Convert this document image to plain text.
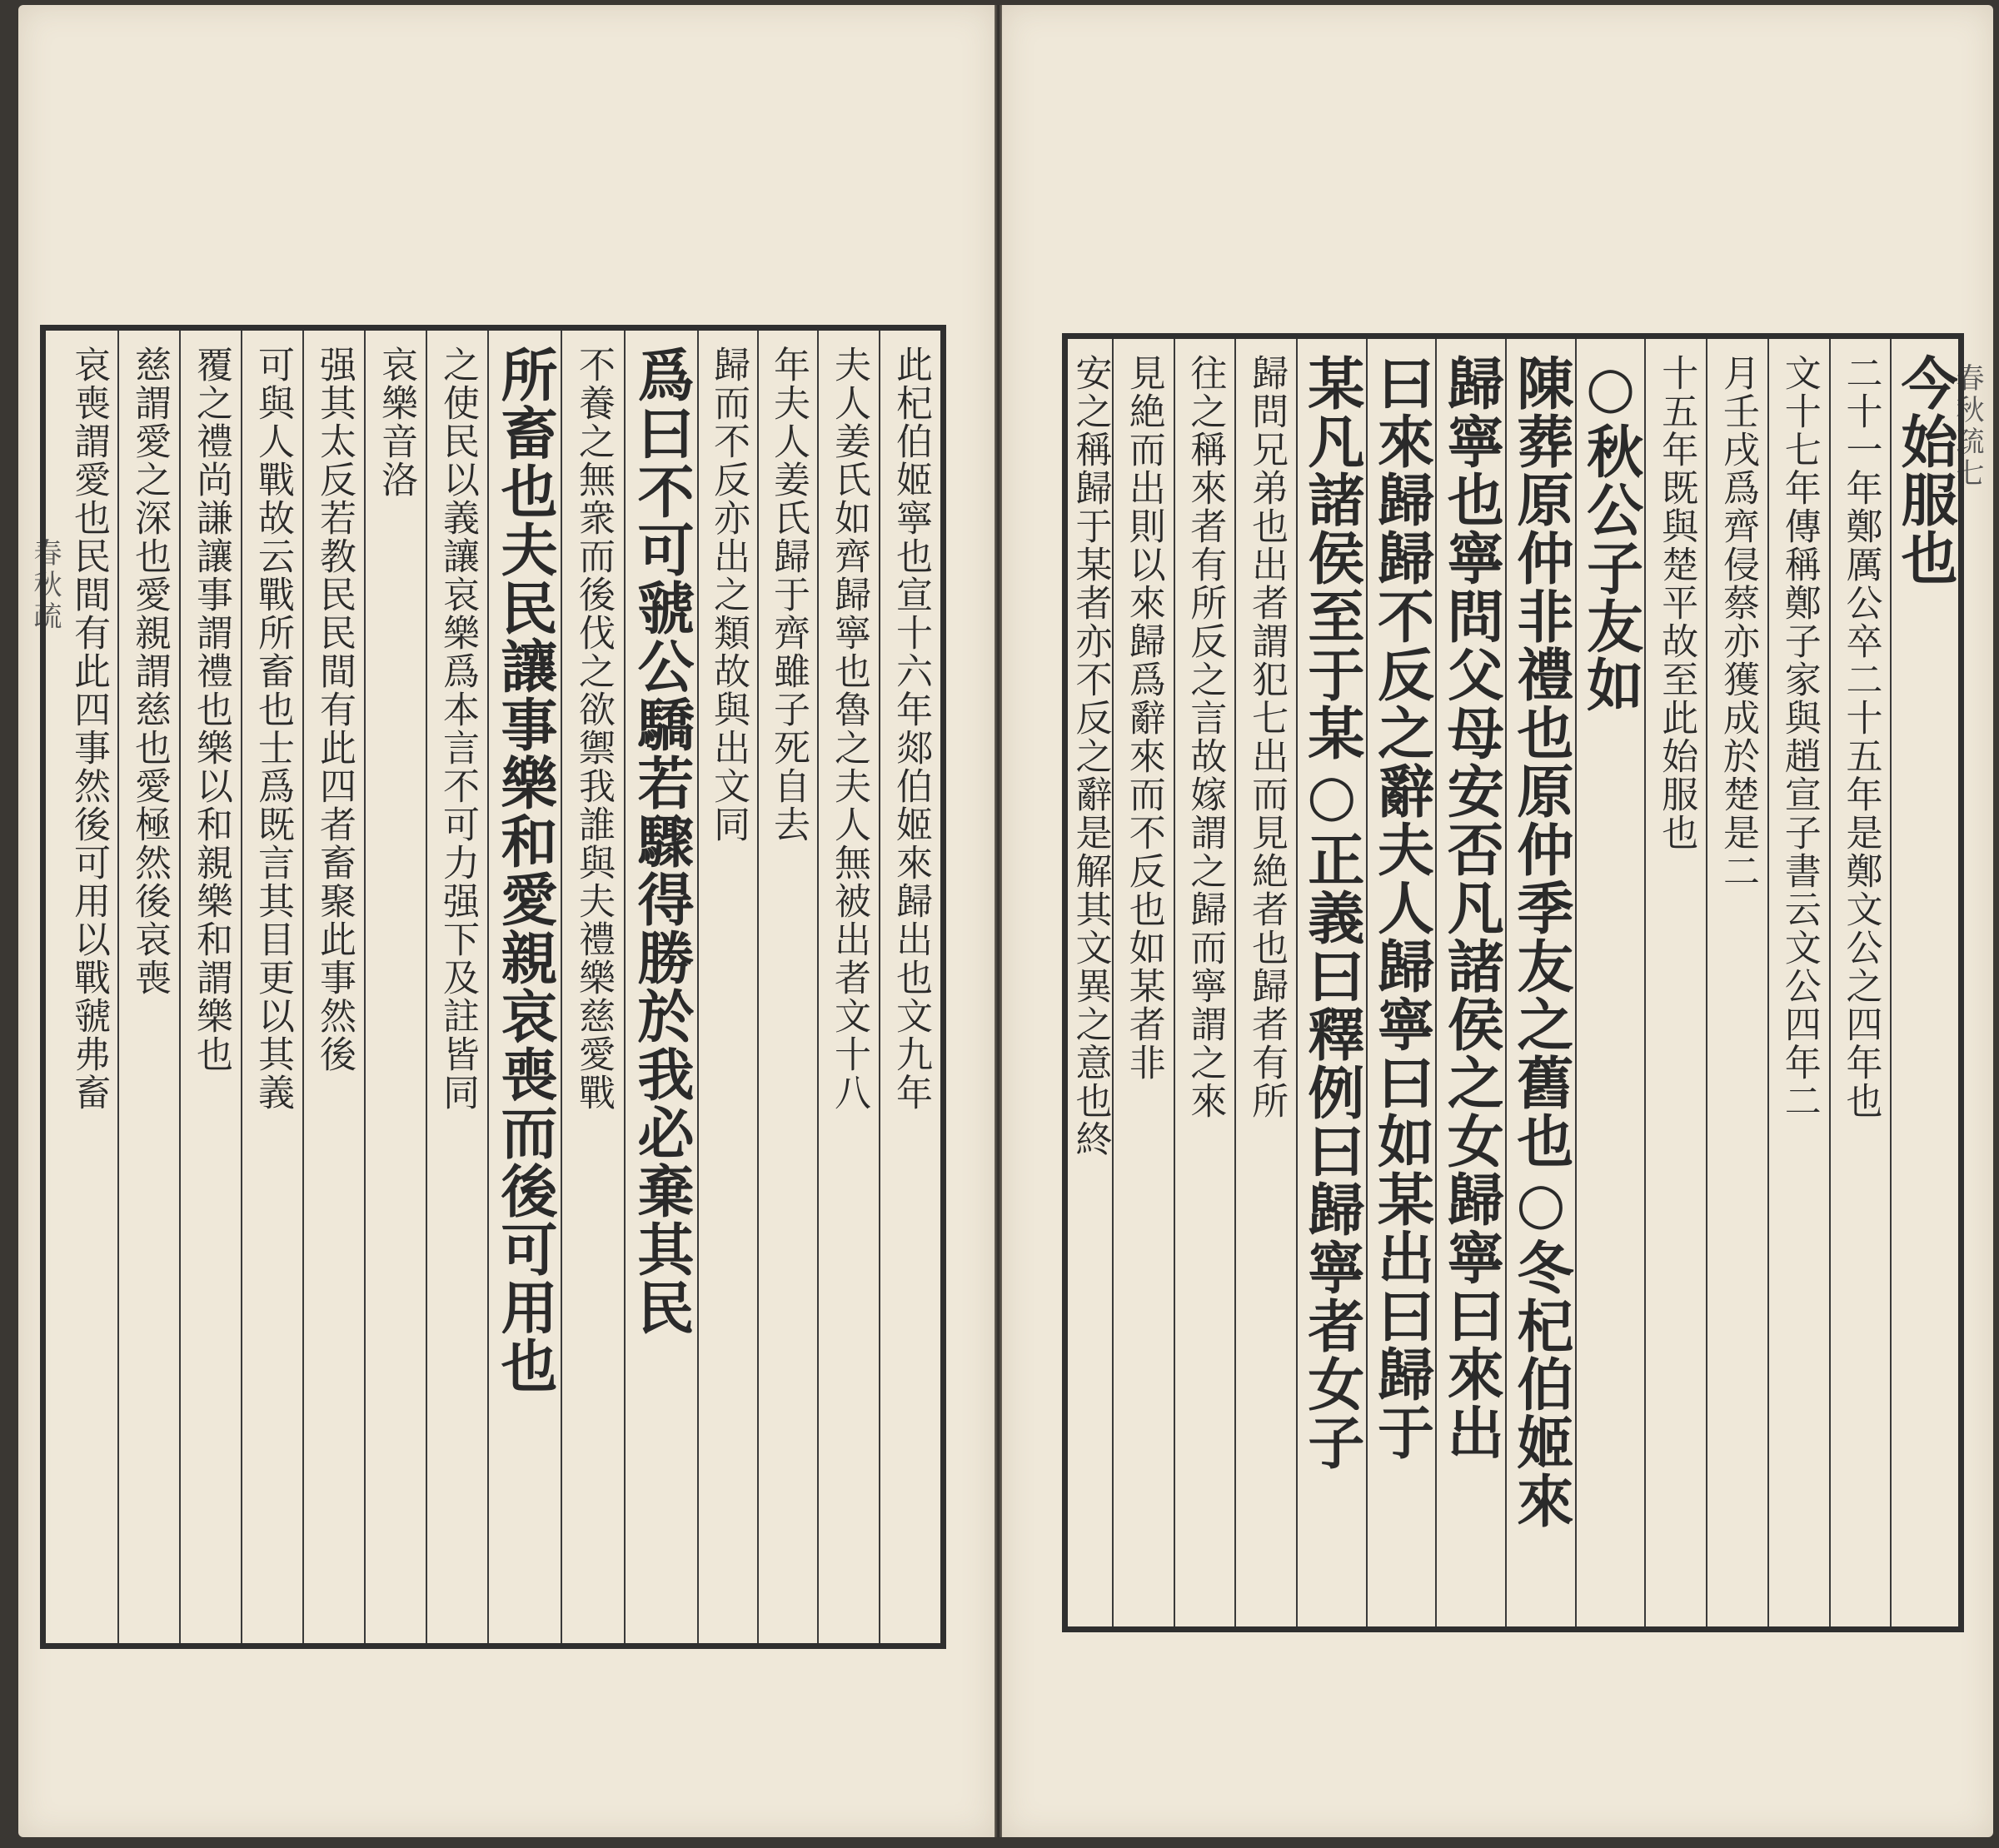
春秋疏
春秋疏七
此杞伯姬寧也宣十六年郯伯姬來歸出也文九年
夫人姜氏如齊歸寧也魯之夫人無被出者文十八
年夫人姜氏歸于齊雖子死自去
歸而不反亦出之類故與出文同
爲曰不可虢公驕若驟得勝於我必棄其民
不養之無衆而後伐之欲禦我誰與夫禮樂慈愛戰
所畜也夫民讓事樂和愛親哀喪而後可用也
之使民以義讓哀樂爲本言不可力强下及註皆同
哀樂音洛
强其太反若教民民間有此四者畜聚此事然後
可與人戰故云戰所畜也士爲既言其目更以其義
覆之禮尚謙讓事謂禮也樂以和親樂和謂樂也
慈謂愛之深也愛親謂慈也愛極然後哀喪
哀喪謂愛也民間有此四事然後可用以戰虢弗畜	今始服也
二十一年鄭厲公卒二十五年是鄭文公之四年也
文十七年傳稱鄭子家與趙宣子書云文公四年二
月壬戌爲齊侵蔡亦獲成於楚是二
十五年既與楚平故至此始服也
○秋公子友如
陳葬原仲非禮也原仲季友之舊也○冬杞伯姬來
歸寧也寧問父母安否凡諸侯之女歸寧曰來出
曰來歸歸不反之辭夫人歸寧曰如某出曰歸于
某凡諸侯至于某○正義曰釋例曰歸寧者女子
歸問兄弟也出者謂犯七出而見絶者也歸者有所
往之稱來者有所反之言故嫁謂之歸而寧謂之來
見絶而出則以來歸爲辭來而不反也如某者非
安之稱歸于某者亦不反之辭是解其文異之意也終
